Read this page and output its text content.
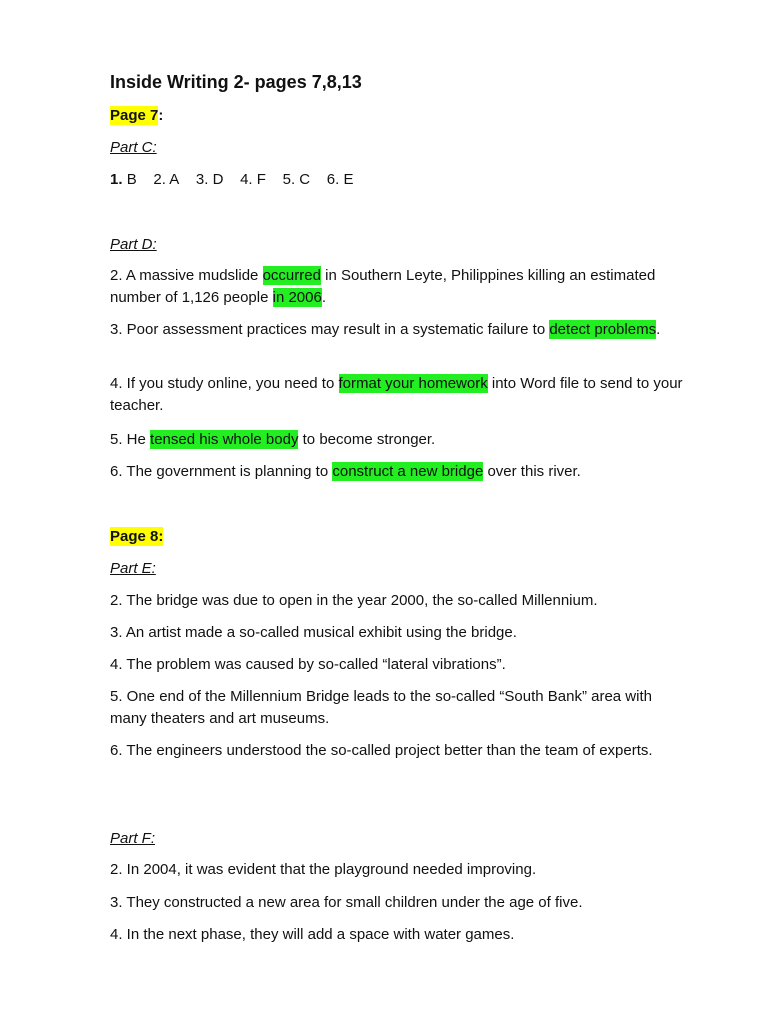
Inside Writing 2- pages 7,8,13
Page 7:
Part C:
1. B 2. A 3. D 4. F 5. C 6. E
Part D:
2. A massive mudslide occurred in Southern Leyte, Philippines killing an estimated number of 1,126 people in 2006.
3. Poor assessment practices may result in a systematic failure to detect problems.
4. If you study online, you need to format your homework into Word file to send to your teacher.
5. He tensed his whole body to become stronger.
6. The government is planning to construct a new bridge over this river.
Page 8:
Part E:
2. The bridge was due to open in the year 2000, the so-called Millennium.
3. An artist made a so-called musical exhibit using the bridge.
4. The problem was caused by so-called “lateral vibrations”.
5. One end of the Millennium Bridge leads to the so-called “South Bank” area with many theaters and art museums.
6. The engineers understood the so-called project better than the team of experts.
Part F:
2. In 2004, it was evident that the playground needed improving.
3. They constructed a new area for small children under the age of five.
4. In the next phase, they will add a space with water games.
